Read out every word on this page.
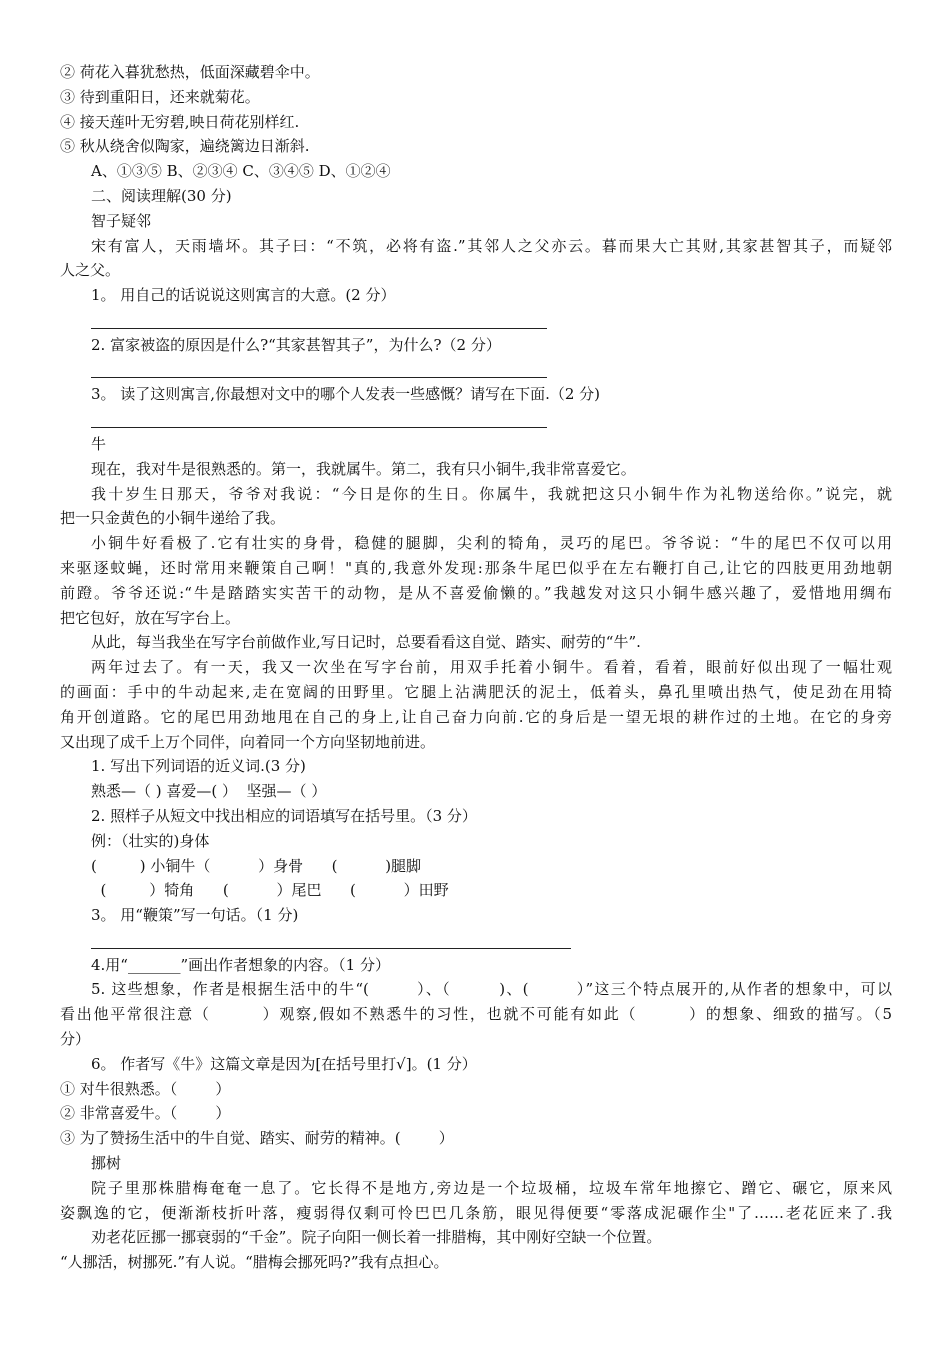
② 荷花入暮犹愁热，低面深藏碧伞中。
③ 待到重阳日，还来就菊花。
④ 接天莲叶无穷碧,映日荷花别样红.
⑤ 秋从绕舍似陶家，遍绕篱边日渐斜.
A、①③⑤ B、②③④ C、③④⑤ D、①②④
二、阅读理解(30 分)
智子疑邻
宋有富人，天雨墙坏。其子曰：“不筑，必将有盗.”其邻人之父亦云。暮而果大亡其财,其家甚智其子，而疑邻
人之父。
1。 用自己的话说说这则寓言的大意。(2 分）
2. 富家被盗的原因是什么?“其家甚智其子”，为什么?（2 分）
3。 读了这则寓言,你最想对文中的哪个人发表一些感慨？请写在下面.（2 分)
牛
现在，我对牛是很熟悉的。第一，我就属牛。第二，我有只小铜牛,我非常喜爱它。
我十岁生日那天，爷爷对我说：“今日是你的生日。你属牛，我就把这只小铜牛作为礼物送给你。”说完，就
把一只金黄色的小铜牛递给了我。
小铜牛好看极了.它有壮实的身骨，稳健的腿脚，尖利的犄角，灵巧的尾巴。爷爷说：“牛的尾巴不仅可以用
来驱逐蚊蝇，还时常用来鞭策自己啊！"真的,我意外发现:那条牛尾巴似乎在左右鞭打自己,让它的四肢更用劲地朝
前蹬。爷爷还说:“牛是踏踏实实苦干的动物，是从不喜爱偷懒的。”我越发对这只小铜牛感兴趣了，爱惜地用绸布
把它包好，放在写字台上。
从此，每当我坐在写字台前做作业,写日记时，总要看看这自觉、踏实、耐劳的“牛”.
两年过去了。有一天，我又一次坐在写字台前，用双手托着小铜牛。看着，看着，眼前好似出现了一幅壮观
的画面：手中的牛动起来,走在宽阔的田野里。它腿上沾满肥沃的泥土，低着头，鼻孔里喷出热气，使足劲在用犄
角开创道路。它的尾巴用劲地甩在自己的身上,让自己奋力向前.它的身后是一望无垠的耕作过的土地。在它的身旁
又出现了成千上万个同伴，向着同一个方向坚韧地前进。
1. 写出下列词语的近义词.(3 分)
熟悉—（ ) 喜爱—( ）  坚强—（ ）
2. 照样子从短文中找出相应的词语填写在括号里。（3 分）
例：（壮实的)身体
(         ) 小铜牛（          ）身骨      (          )腿脚
(         ）犄角      (          ）尾巴      (          ）田野
3。 用“鞭策”写一句话。（1 分)
4.用“_______”画出作者想象的内容。（1 分）
5. 这些想象，作者是根据生活中的牛“(        ）、（        )、(        ）”这三个特点展开的,从作者的想象中，可以
看出他平常很注意（        ）观察,假如不熟悉牛的习性，也就不可能有如此（        ）的想象、细致的描写。（5
分）
6。 作者写《牛》这篇文章是因为[在括号里打√]。(1 分）
① 对牛很熟悉。（        ）
② 非常喜爱牛。（        ）
③ 为了赞扬生活中的牛自觉、踏实、耐劳的精神。(        ）
挪树
院子里那株腊梅奄奄一息了。它长得不是地方,旁边是一个垃圾桶，垃圾车常年地擦它、蹭它、碾它，原来风
姿飘逸的它，便渐渐枝折叶落，瘦弱得仅剩可怜巴巴几条筋，眼见得便要“零落成泥碾作尘"了……老花匠来了.我
劝老花匠挪一挪衰弱的“千金”。院子向阳一侧长着一排腊梅，其中刚好空缺一个位置。
“人挪活，树挪死.”有人说。“腊梅会挪死吗?”我有点担心。
